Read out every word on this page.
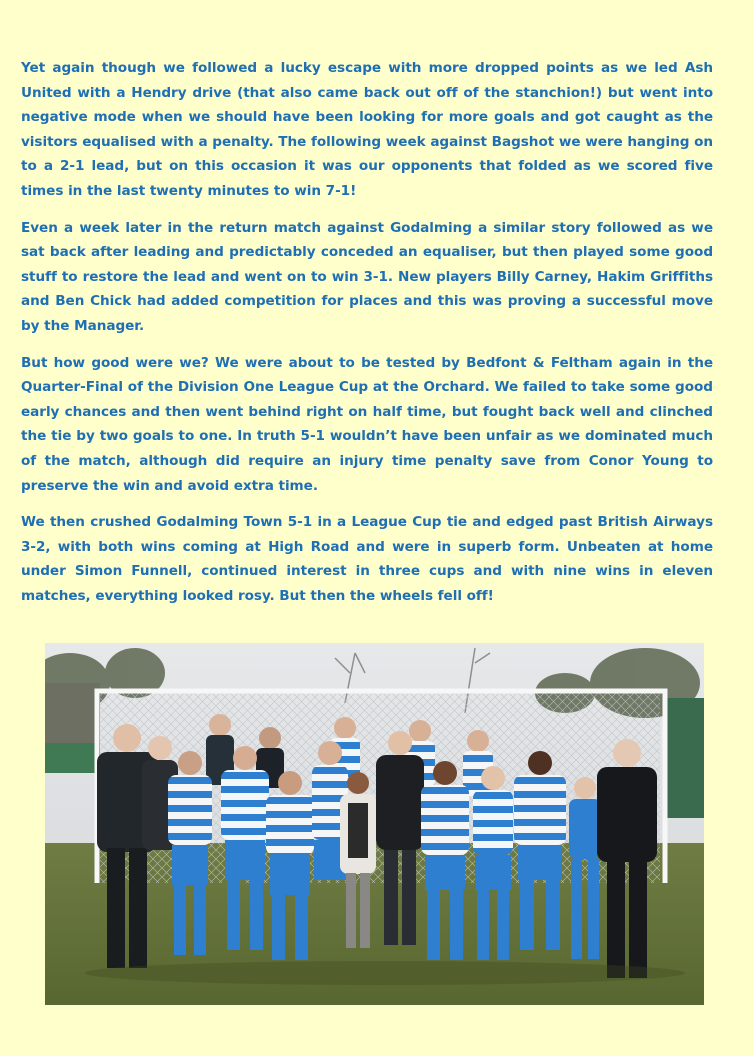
Yet again though we followed a lucky escape with more dropped points as we led Ash United with a Hendry drive (that also came back out off of the stanchion!) but went into negative mode when we should have been looking for more goals and got caught as the visitors equalised with a penalty. The following week against Bagshot we were hanging on to a 2-1 lead, but on this occasion it was our opponents that folded as we scored five times in the last twenty minutes to win 7-1!

Even a week later in the return match against Godalming a similar story followed as we sat back after leading and predictably conceded an equaliser, but then played some good stuff to restore the lead and went on to win 3-1. New players Billy Carney, Hakim Griffiths and Ben Chick had added competition for places and this was proving a successful move by the Manager.

But how good were we? We were about to be tested by Bedfont & Feltham again in the Quarter-Final of the Division One League Cup at the Orchard. We failed to take some good early chances and then went behind right on half time, but fought back well and clinched the tie by two goals to one. In truth 5-1 wouldn’t have been unfair as we dominated much of the match, although did require an injury time penalty save from Conor Young to preserve the win and avoid extra time.

We then crushed Godalming Town 5-1 in a League Cup tie and edged past British Airways 3-2, with both wins coming at High Road and were in superb form. Unbeaten at home under Simon Funnell, continued interest in three cups and with nine wins in eleven matches, everything looked rosy. But then the wheels fell off!
